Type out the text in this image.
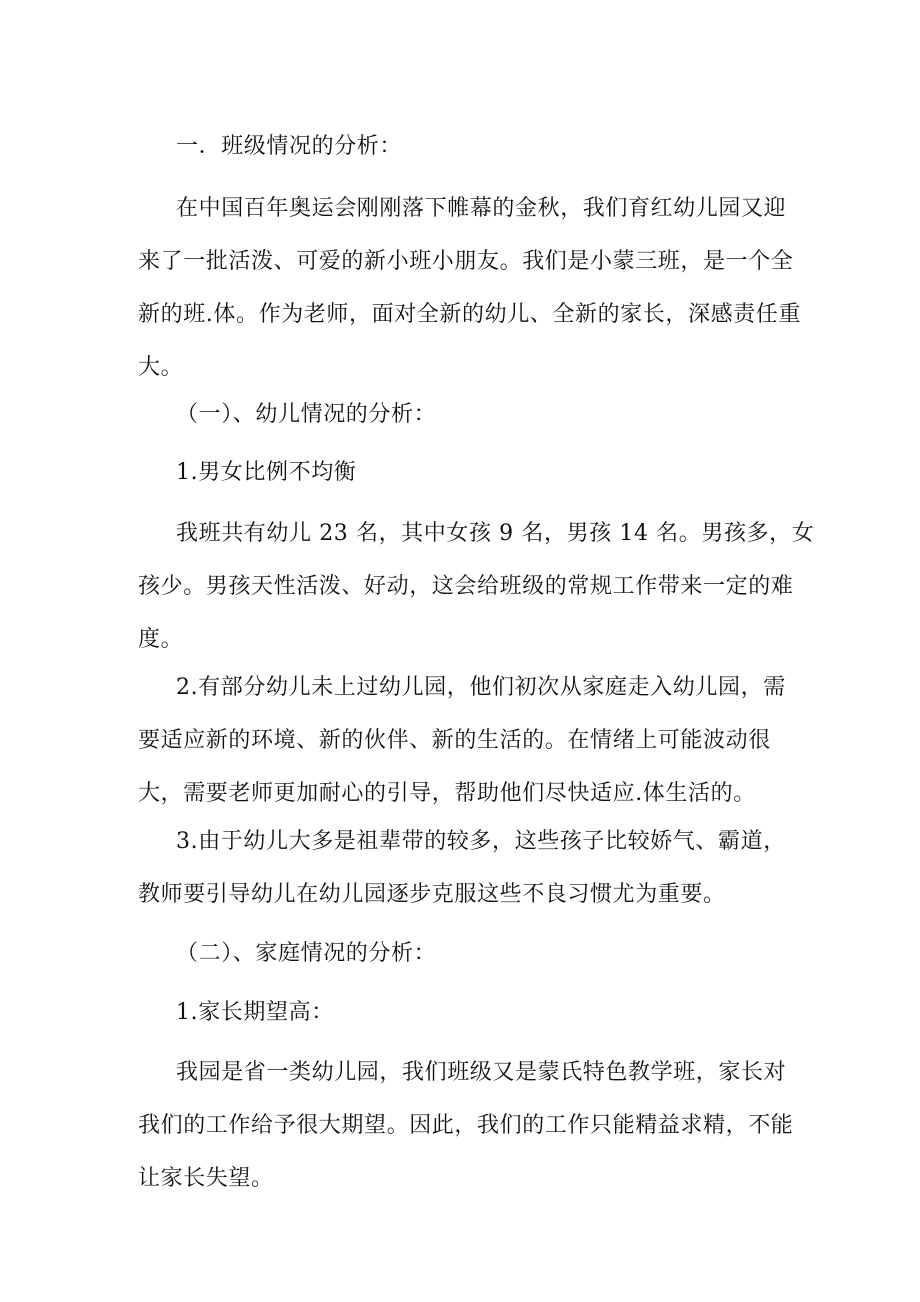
一．班级情况的分析：

在中国百年奥运会刚刚落下帷幕的金秋，我们育红幼儿园又迎
来了一批活泼、可爱的新小班小朋友。我们是小蒙三班，是一个全
新的班.体。作为老师，面对全新的幼儿、全新的家长，深感责任重
大。

（一）、幼儿情况的分析：

1.男女比例不均衡

我班共有幼儿 23 名，其中女孩 9 名，男孩 14 名。男孩多，女
孩少。男孩天性活泼、好动，这会给班级的常规工作带来一定的难
度。

2.有部分幼儿未上过幼儿园，他们初次从家庭走入幼儿园，需
要适应新的环境、新的伙伴、新的生活的。在情绪上可能波动很
大，需要老师更加耐心的引导，帮助他们尽快适应.体生活的。

3.由于幼儿大多是祖辈带的较多，这些孩子比较娇气、霸道，
教师要引导幼儿在幼儿园逐步克服这些不良习惯尤为重要。

（二）、家庭情况的分析：

1.家长期望高：

我园是省一类幼儿园，我们班级又是蒙氏特色教学班，家长对
我们的工作给予很大期望。因此，我们的工作只能精益求精，不能
让家长失望。
